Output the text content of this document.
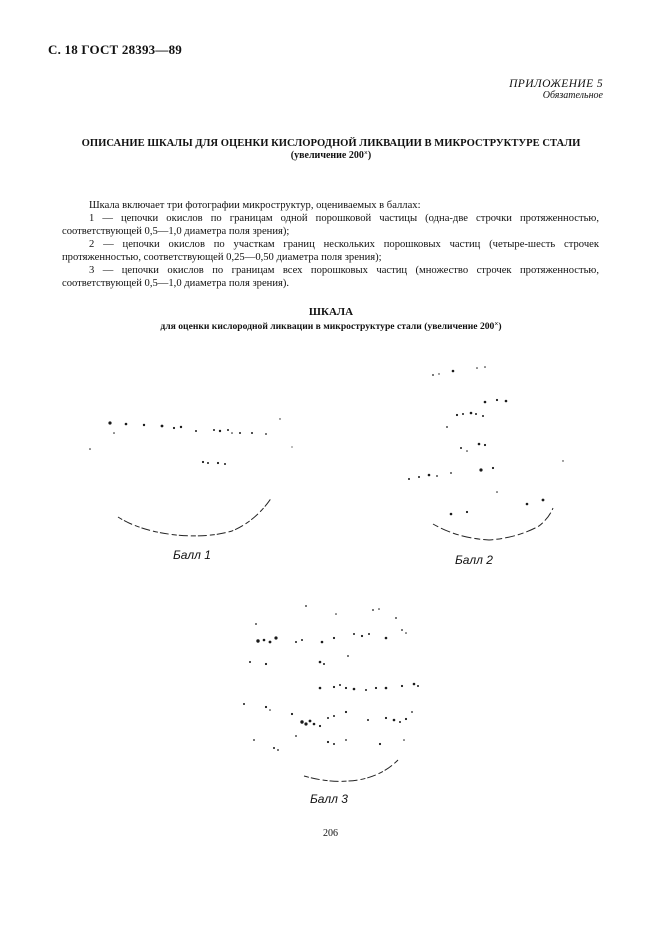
С. 18 ГОСТ 28393—89
ПРИЛОЖЕНИЕ 5
Обязательное
ОПИСАНИЕ ШКАЛЫ ДЛЯ ОЦЕНКИ КИСЛОРОДНОЙ ЛИКВАЦИИ В МИКРОСТРУКТУРЕ СТАЛИ
(увеличение 200×)

Шкала включает три фотографии микроструктур, оцениваемых в баллах:

1 — цепочки окислов по границам одной порошковой частицы (одна-две строчки протяженностью, соответствующей 0,5—1,0 диаметра поля зрения);

2 — цепочки окислов по участкам границ нескольких порошковых частиц (четыре-шесть строчек протяженностью, соответствующей 0,25—0,50 диаметра поля зрения);

3 — цепочки окислов по границам всех порошковых частиц (множество строчек протяженностью, соответствующей 0,5—1,0 диаметра поля зрения).

ШКАЛА
для оценки кислородной ликвации в микроструктуре стали (увеличение 200×)
Балл 1	Балл 2
Балл 3
206
